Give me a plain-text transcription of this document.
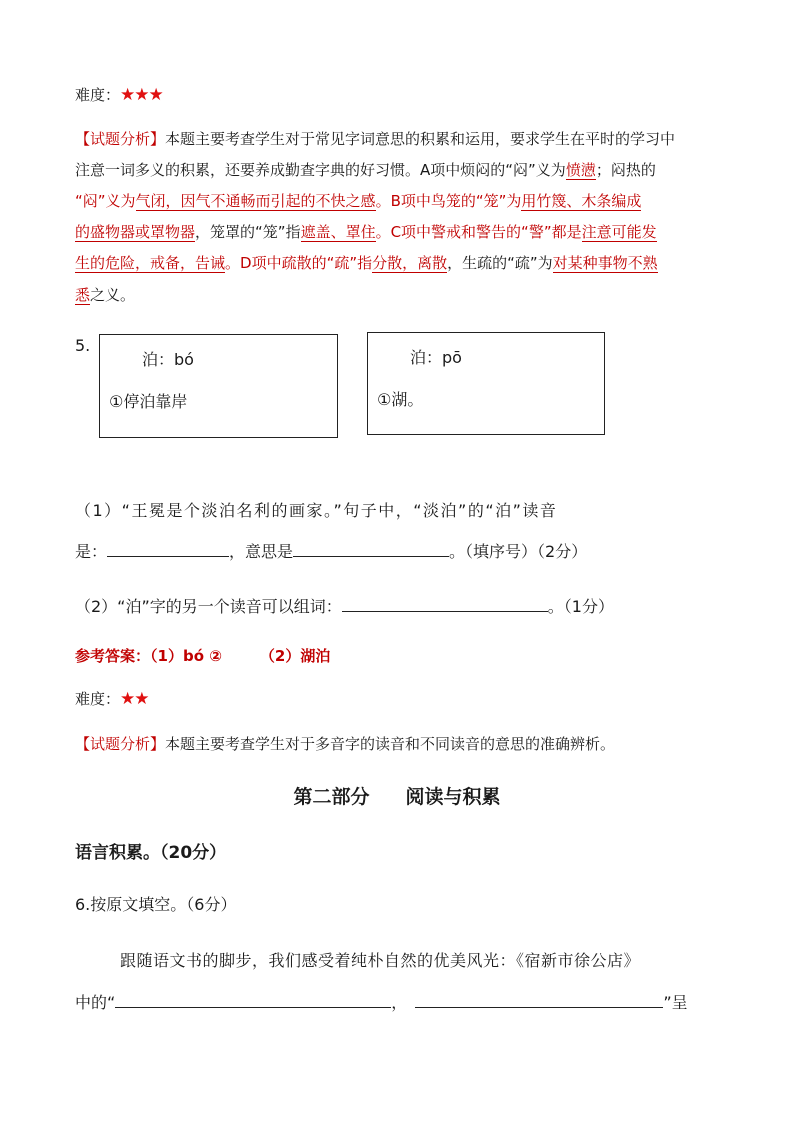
难度：★★★
【试题分析】本题主要考查学生对于常见字词意思的积累和运用，要求学生在平时的学习中
注意一词多义的积累，还要养成勤查字典的好习惯。A项中烦闷的“闷”义为愤懑；闷热的
“闷”义为气闭，因气不通畅而引起的不快之感。B项中鸟笼的“笼”为用竹篾、木条编成
的盛物器或罩物器，笼罩的“笼”指遮盖、罩住。C项中警戒和警告的“警”都是注意可能发
生的危险，戒备，告诫。D项中疏散的“疏”指分散，离散，生疏的“疏”为对某种事物不熟
悉之义。
5.
泊：bó
①停泊靠岸
泊：pō
①湖。
（1）“王冕是个淡泊名利的画家。”句子中，“淡泊”的“泊”读音
是：	，意思是	。（填序号）（2分）
（2）“泊”字的另一个读音可以组词：	。（1分）
参考答案：（1）bó ②	（2）湖泊
难度：★★
【试题分析】本题主要考查学生对于多音字的读音和不同读音的意思的准确辨析。
第二部分 阅读与积累
语言积累。（20分）
6.按原文填空。（6分）
跟随语文书的脚步，我们感受着纯朴自然的优美风光：《宿新市徐公店》
中的“	，	”呈
